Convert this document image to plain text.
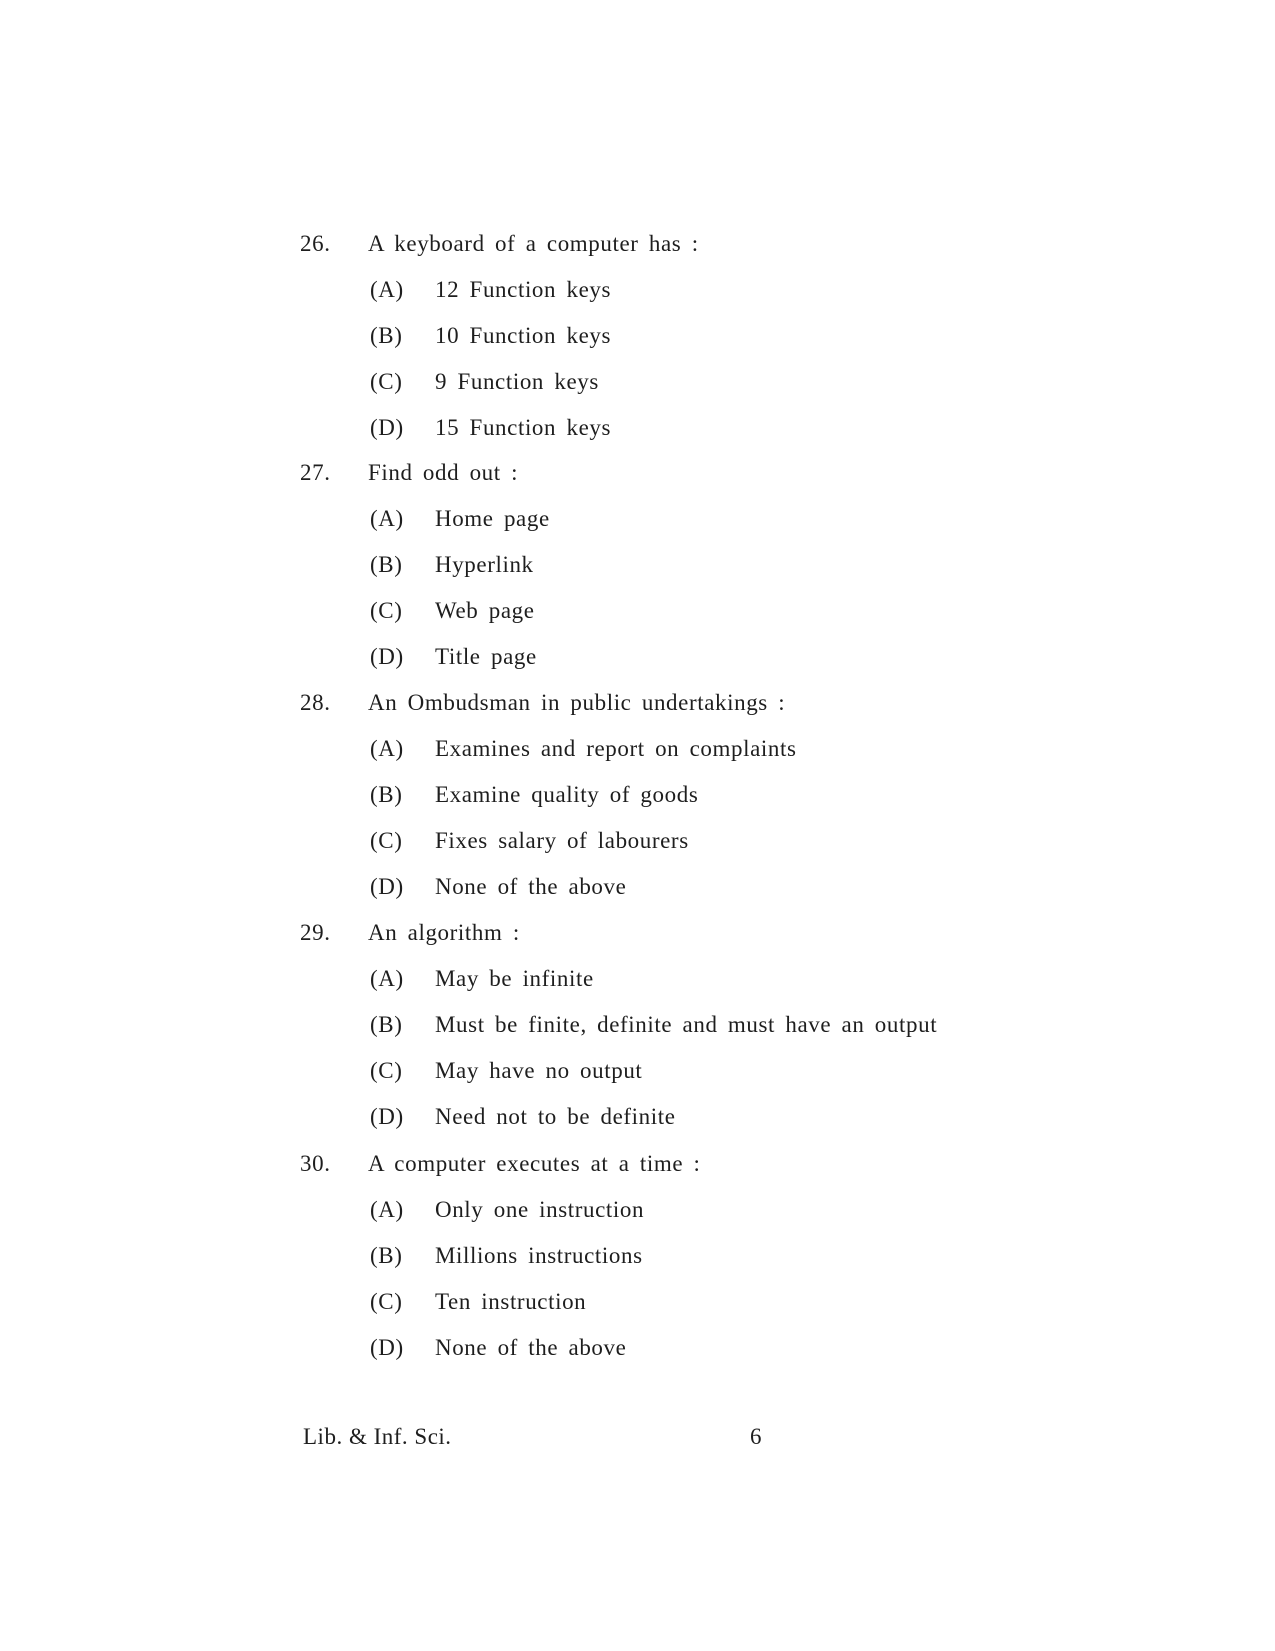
26. A keyboard of a computer has :
(A) 12 Function keys
(B) 10 Function keys
(C) 9 Function keys
(D) 15 Function keys
27. Find odd out :
(A) Home page
(B) Hyperlink
(C) Web page
(D) Title page
28. An Ombudsman in public undertakings :
(A) Examines and report on complaints
(B) Examine quality of goods
(C) Fixes salary of labourers
(D) None of the above
29. An algorithm :
(A) May be infinite
(B) Must be finite, definite and must have an output
(C) May have no output
(D) Need not to be definite
30. A computer executes at a time :
(A) Only one instruction
(B) Millions instructions
(C) Ten instruction
(D) None of the above
Lib. & Inf. Sci.	6
